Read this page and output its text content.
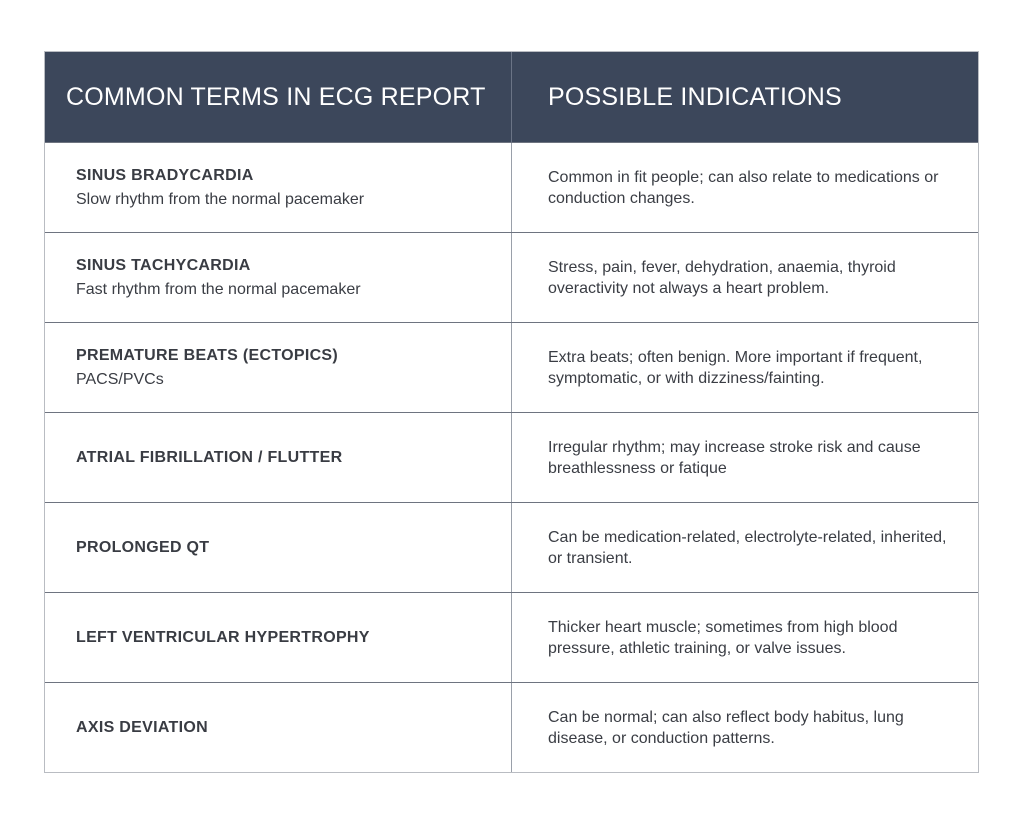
COMMON TERMS IN ECG REPORT	POSSIBLE INDICATIONS
SINUS BRADYCARDIA
Slow rhythm from the normal pacemaker
Common in fit people; can also relate to medications or conduction changes.
SINUS TACHYCARDIA
Fast rhythm from the normal pacemaker
Stress, pain, fever, dehydration, anaemia, thyroid overactivity not always a heart problem.
PREMATURE BEATS (ECTOPICS)
PACS/PVCs
Extra beats; often benign. More important if frequent, symptomatic, or with dizziness/fainting.
ATRIAL FIBRILLATION / FLUTTER
Irregular rhythm; may increase stroke risk and cause breathlessness or fatique
PROLONGED QT
Can be medication-related, electrolyte-related, inherited, or transient.
LEFT VENTRICULAR HYPERTROPHY
Thicker heart muscle; sometimes from high blood pressure, athletic training, or valve issues.
AXIS DEVIATION
Can be normal; can also reflect body habitus, lung disease, or conduction patterns.
